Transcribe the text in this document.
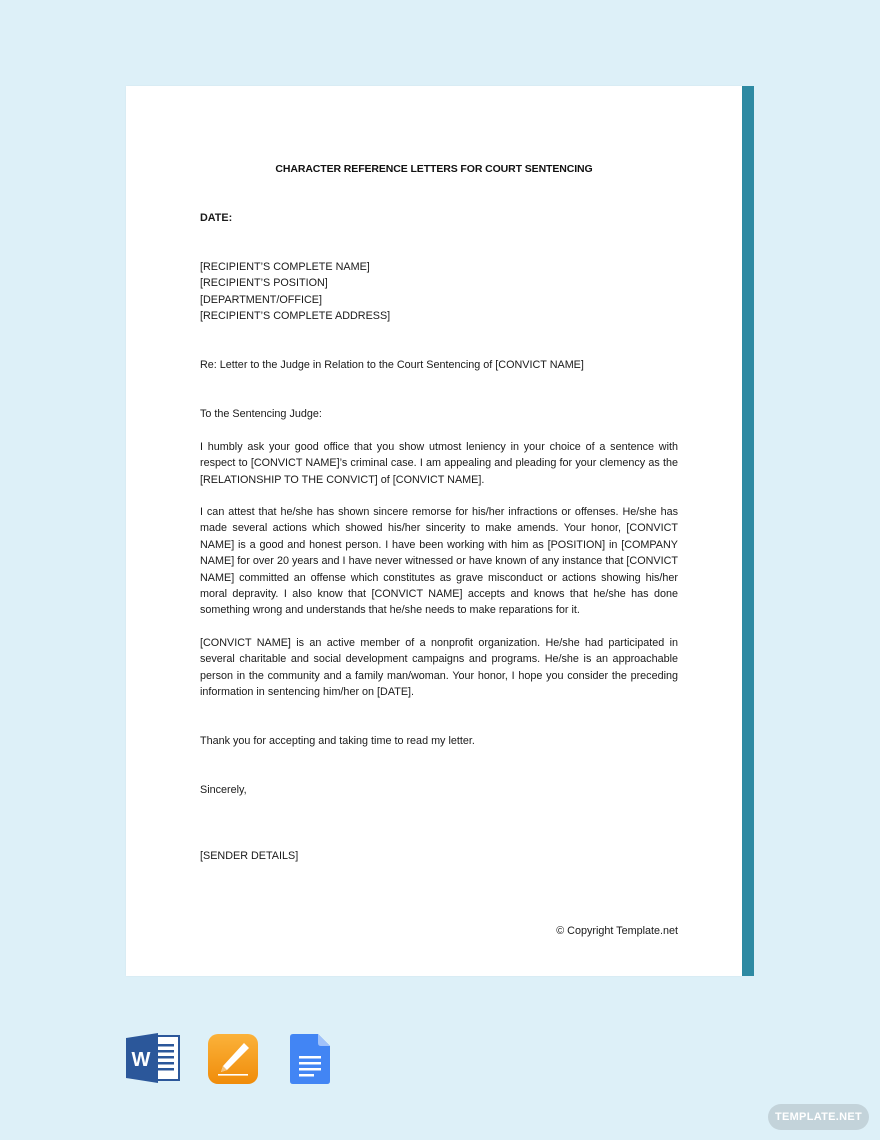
CHARACTER REFERENCE LETTERS FOR COURT SENTENCING
DATE:
[RECIPIENT’S COMPLETE NAME]
[RECIPIENT’S POSITION]
[DEPARTMENT/OFFICE]
[RECIPIENT’S COMPLETE ADDRESS]
Re: Letter to the Judge in Relation to the Court Sentencing of [CONVICT NAME]
To the Sentencing Judge:
I humbly ask your good office that you show utmost leniency in your choice of a sentence with respect to [CONVICT NAME]’s criminal case. I am appealing and pleading for your clemency as the [RELATIONSHIP TO THE CONVICT] of [CONVICT NAME].
I can attest that he/she has shown sincere remorse for his/her infractions or offenses. He/she has made several actions which showed his/her sincerity to make amends. Your honor, [CONVICT NAME] is a good and honest person. I have been working with him as [POSITION] in [COMPANY NAME] for over 20 years and I have never witnessed or have known of any instance that [CONVICT NAME] committed an offense which constitutes as grave misconduct or actions showing his/her moral depravity. I also know that [CONVICT NAME] accepts and knows that he/she has done something wrong and understands that he/she needs to make reparations for it.
[CONVICT NAME] is an active member of a nonprofit organization. He/she had participated in several charitable and social development campaigns and programs. He/she is an approachable person in the community and a family man/woman. Your honor, I hope you consider the preceding information in sentencing him/her on [DATE].
Thank you for accepting and taking time to read my letter.
Sincerely,
[SENDER DETAILS]
© Copyright Template.net
W
TEMPLATE.NET
